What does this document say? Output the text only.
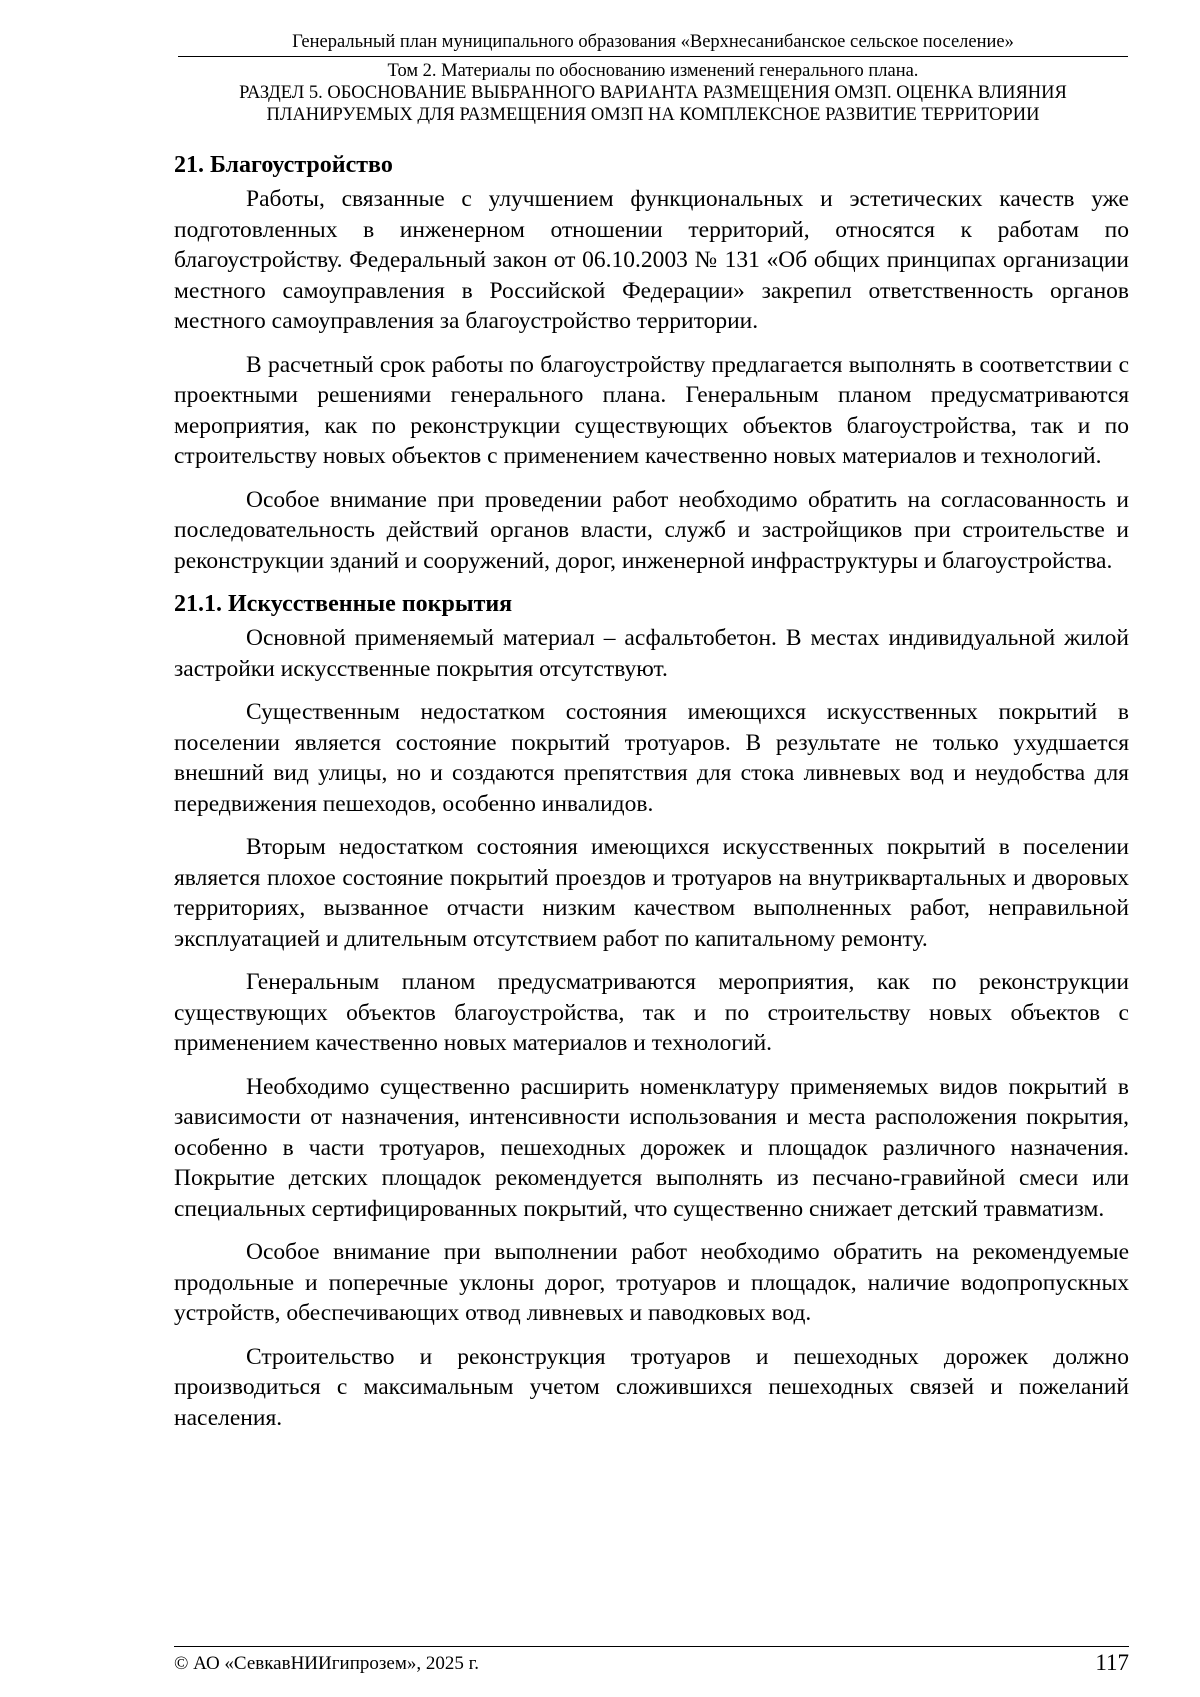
Генеральный план муниципального образования «Верхнесанибанское сельское поселение»
Том 2. Материалы по обоснованию изменений генерального плана.
РАЗДЕЛ 5. ОБОСНОВАНИЕ ВЫБРАННОГО ВАРИАНТА РАЗМЕЩЕНИЯ ОМЗП. ОЦЕНКА ВЛИЯНИЯ ПЛАНИРУЕМЫХ ДЛЯ РАЗМЕЩЕНИЯ ОМЗП НА КОМПЛЕКСНОЕ РАЗВИТИЕ ТЕРРИТОРИИ
21. Благоустройство

Работы, связанные с улучшением функциональных и эстетических качеств уже подготовленных в инженерном отношении территорий, относятся к работам по благоустройству. Федеральный закон от 06.10.2003 № 131 «Об общих принципах организации местного самоуправления в Российской Федерации» закрепил ответственность органов местного самоуправления за благоустройство территории.

В расчетный срок работы по благоустройству предлагается выполнять в соответствии с проектными решениями генерального плана. Генеральным планом предусматриваются мероприятия, как по реконструкции существующих объектов благоустройства, так и по строительству новых объектов с применением качественно новых материалов и технологий.

Особое внимание при проведении работ необходимо обратить на согласованность и последовательность действий органов власти, служб и застройщиков при строительстве и реконструкции зданий и сооружений, дорог, инженерной инфраструктуры и благоустройства.

21.1. Искусственные покрытия

Основной применяемый материал – асфальтобетон. В местах индивидуальной жилой застройки искусственные покрытия отсутствуют.

Существенным недостатком состояния имеющихся искусственных покрытий в поселении является состояние покрытий тротуаров. В результате не только ухудшается внешний вид улицы, но и создаются препятствия для стока ливневых вод и неудобства для передвижения пешеходов, особенно инвалидов.

Вторым недостатком состояния имеющихся искусственных покрытий в поселении является плохое состояние покрытий проездов и тротуаров на внутриквартальных и дворовых территориях, вызванное отчасти низким качеством выполненных работ, неправильной эксплуатацией и длительным отсутствием работ по капитальному ремонту.

Генеральным планом предусматриваются мероприятия, как по реконструкции существующих объектов благоустройства, так и по строительству новых объектов с применением качественно новых материалов и технологий.

Необходимо существенно расширить номенклатуру применяемых видов покрытий в зависимости от назначения, интенсивности использования и места расположения покрытия, особенно в части тротуаров, пешеходных дорожек и площадок различного назначения. Покрытие детских площадок рекомендуется выполнять из песчано-гравийной смеси или специальных сертифицированных покрытий, что существенно снижает детский травматизм.

Особое внимание при выполнении работ необходимо обратить на рекомендуемые продольные и поперечные уклоны дорог, тротуаров и площадок, наличие водопропускных устройств, обеспечивающих отвод ливневых и паводковых вод.

Строительство и реконструкция тротуаров и пешеходных дорожек должно производиться с максимальным учетом сложившихся пешеходных связей и пожеланий населения.

© АО «СевкавНИИгипрозем», 2025 г.	117
